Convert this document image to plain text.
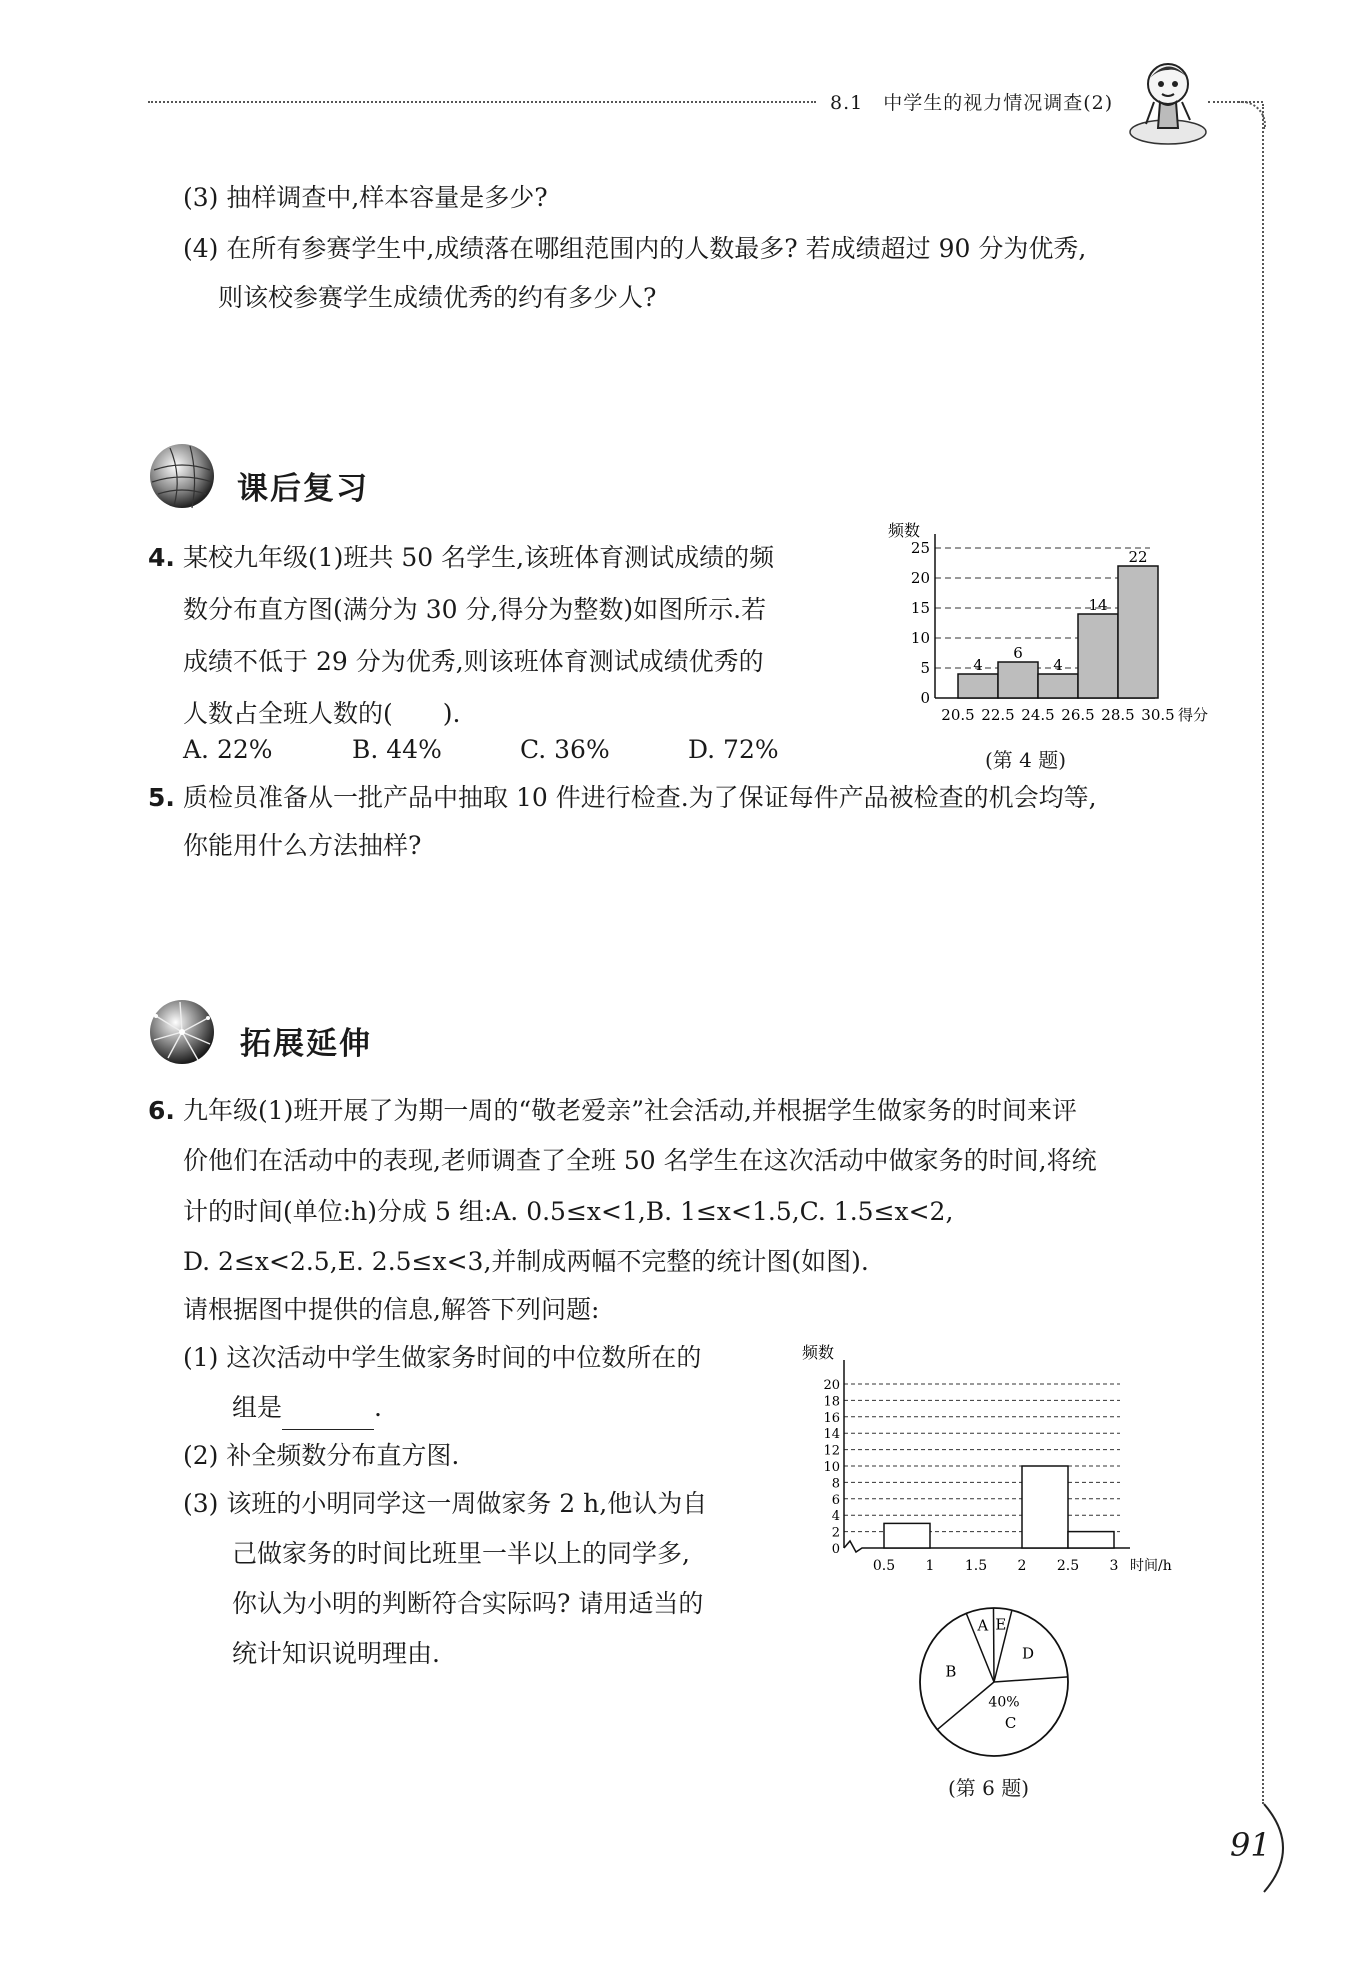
8.1　中学生的视力情况调查(2)
(3) 抽样调查中,样本容量是多少?
(4) 在所有参赛学生中,成绩落在哪组范围内的人数最多? 若成绩超过 90 分为优秀,
则该校参赛学生成绩优秀的约有多少人?
课后复习
4. 某校九年级(1)班共 50 名学生,该班体育测试成绩的频
数分布直方图(满分为 30 分,得分为整数)如图所示.若
成绩不低于 29 分为优秀,则该班体育测试成绩优秀的
人数占全班人数的(　　).
A. 22%	B. 44%	C. 36%	D. 72%
频数
0
5
10
15
20
25
4
6
4
14
22
20.5 22.5 24.5 26.5 28.5 30.5 得分
(第 4 题)
5. 质检员准备从一批产品中抽取 10 件进行检查.为了保证每件产品被检查的机会均等,
你能用什么方法抽样?
拓展延伸
6. 九年级(1)班开展了为期一周的“敬老爱亲”社会活动,并根据学生做家务的时间来评
价他们在活动中的表现,老师调查了全班 50 名学生在这次活动中做家务的时间,将统
计的时间(单位:h)分成 5 组:A. 0.5≤x<1,B. 1≤x<1.5,C. 1.5≤x<2,
D. 2≤x<2.5,E. 2.5≤x<3,并制成两幅不完整的统计图(如图).
请根据图中提供的信息,解答下列问题:
(1) 这次活动中学生做家务时间的中位数所在的
组是	.
(2) 补全频数分布直方图.
(3) 该班的小明同学这一周做家务 2 h,他认为自
己做家务的时间比班里一半以上的同学多,
你认为小明的判断符合实际吗? 请用适当的
统计知识说明理由.
频数
0
2
4
6
8
10
12
14
16
18
20
0.5 1 1.5 2 2.5 3 时间/h
A E
D
C
B
40%
(第 6 题)
91
